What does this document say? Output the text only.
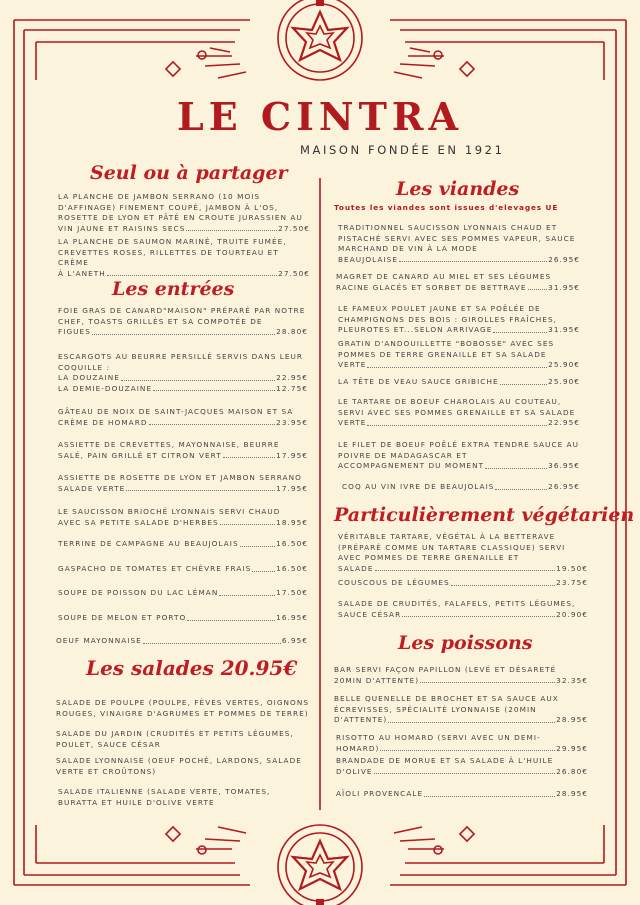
LE CINTRA
MAISON FONDÉE EN 1921
Seul ou à partager
LA PLANCHE DE JAMBON SERRANO (10 MOIS D'AFFINAGE) FINEMENT COUPÉ, JAMBON À L'OS, ROSETTE DE LYON ET PÂTÉ EN CROUTE JURASSIEN AU
VIN JAUNE ET RAISINS SECS	27.50€
LA PLANCHE DE SAUMON MARINÉ, TRUITE FUMÉE, CREVETTES ROSES, RILLETTES DE TOURTEAU ET CRÈME
À L'ANETH	27.50€
Les entrées
FOIE GRAS DE CANARD"MAISON" PRÉPARÉ PAR NOTRE CHEF, TOASTS GRILLÉS ET SA COMPOTÉE DE
FIGUES	28.80€
ESCARGOTS AU BEURRE PERSILLÉ SERVIS DANS LEUR COQUILLE :
LA DOUZAINE	22.95€
LA DEMIE-DOUZAINE	12.75€
GÂTEAU DE NOIX DE SAINT-JACQUES MAISON ET SA
CRÈME DE HOMARD	23.95€
ASSIETTE DE CREVETTES, MAYONNAISE, BEURRE
SALÉ, PAIN GRILLÉ ET CITRON VERT	17.95€
ASSIETTE DE ROSETTE DE LYON ET JAMBON SERRANO
SALADE VERTE	17.95€
LE SAUCISSON BRIOCHÉ LYONNAIS SERVI CHAUD
AVEC SA PETITE SALADE D'HERBES	18.95€
TERRINE DE CAMPAGNE AU BEAUJOLAIS	16.50€
GASPACHO DE TOMATES ET CHÈVRE FRAIS	16.50€
SOUPE DE POISSON DU LAC LÉMAN	17.50€
SOUPE DE MELON ET PORTO	16.95€
OEUF MAYONNAISE	6.95€
Les salades 20.95€
SALADE DE POULPE (POULPE, FÈVES VERTES, OIGNONS ROUGES, VINAIGRE D'AGRUMES ET POMMES DE TERRE)
SALADE DU JARDIN (CRUDITÉS ET PETITS LÉGUMES, POULET, SAUCE CÉSAR
SALADE LYONNAISE (OEUF POCHÉ, LARDONS, SALADE VERTE ET CROÛTONS)
SALADE ITALIENNE (SALADE VERTE, TOMATES, BURATTA ET HUILE D'OLIVE VERTE
Les viandes
Toutes les viandes sont issues d'elevages UE
TRADITIONNEL SAUCISSON LYONNAIS CHAUD ET PISTACHÉ SERVI AVEC SES POMMES VAPEUR, SAUCE MARCHAND DE VIN À LA MODE
BEAUJOLAISE	26.95€
MAGRET DE CANARD AU MIEL ET SES LÉGUMES
RACINE GLACÉS ET SORBET DE BETTRAVE	31.95€
LE FAMEUX POULET JAUNE ET SA POÊLÉE DE CHAMPIGNONS DES BOIS : GIROLLES FRAÎCHES,
PLEUROTES ET...SELON ARRIVAGE	31.95€
GRATIN D'ANDOUILLETTE "BOBOSSE" AVEC SES POMMES DE TERRE GRENAILLE ET SA SALADE
VERTE	25.90€
LA TÊTE DE VEAU SAUCE GRIBICHE	25.90€
LE TARTARE DE BOEUF CHAROLAIS AU COUTEAU, SERVI AVEC SES POMMES GRENAILLE ET SA SALADE
VERTE	22.95€
LE FILET DE BOEUF POÊLÉ EXTRA TENDRE SAUCE AU POIVRE DE MADAGASCAR ET
ACCOMPAGNEMENT DU MOMENT	36.95€
COQ AU VIN IVRE DE BEAUJOLAIS	26.95€
Particulièrement végétarien
VÉRITABLE TARTARE, VÉGÉTAL À LA BETTERAVE (PRÉPARÉ COMME UN TARTARE CLASSIQUE) SERVI AVEC POMMES DE TERRE GRENAILLE ET
SALADE	19.50€
COUSCOUS DE LÉGUMES	23.75€
SALADE DE CRUDITÉS, FALAFELS, PETITS LÉGUMES,
SAUCE CÉSAR	20.90€
Les poissons
BAR SERVI FAÇON PAPILLON (LEVÉ ET DÉSARETÉ
20MIN D'ATTENTE)	32.35€
BELLE QUENELLE DE BROCHET ET SA SAUCE AUX ÉCREVISSES, SPÉCIALITÉ LYONNAISE (20MIN
D'ATTENTE)	28.95€
RISOTTO AU HOMARD (SERVI AVEC UN DEMI-
HOMARD)	29.95€
BRANDADE DE MORUE ET SA SALADE À L'HUILE
D'OLIVE	26.80€
AÏOLI PROVENCALE	28.95€
